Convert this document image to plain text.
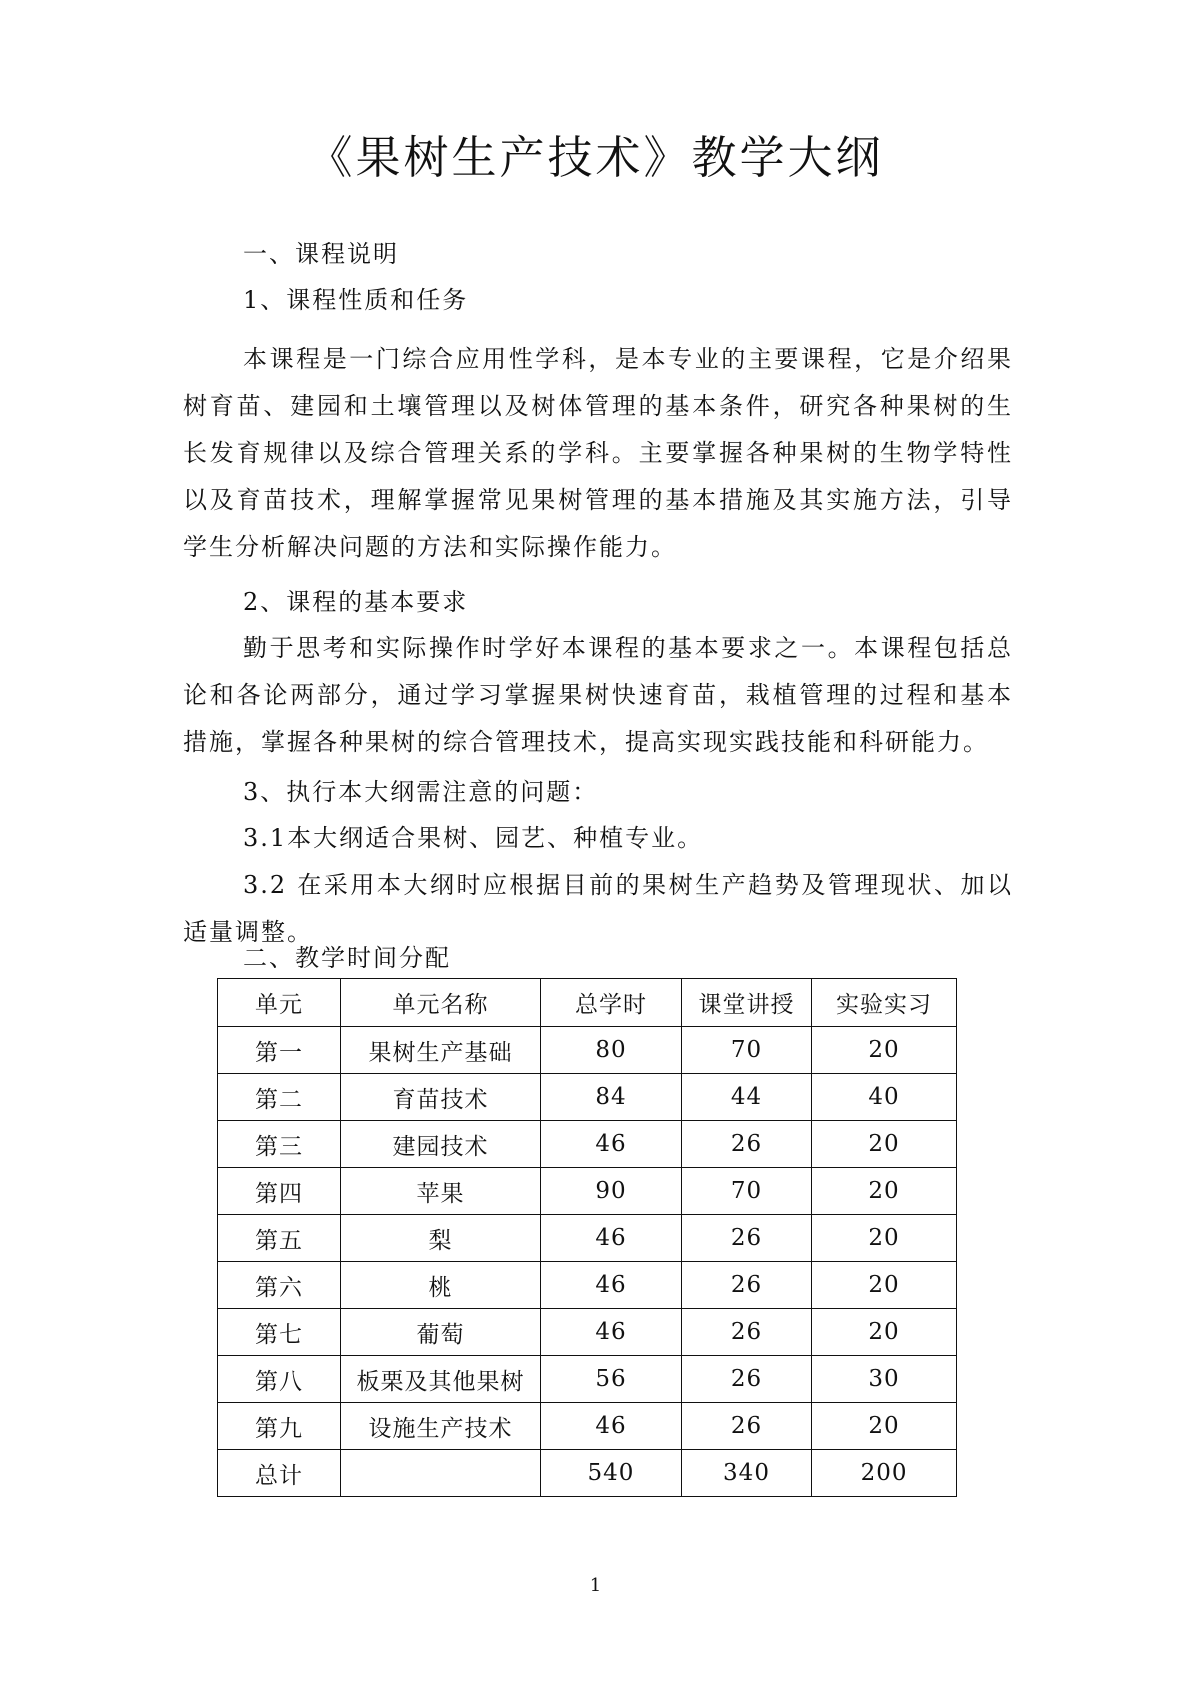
《果树生产技术》教学大纲
一、课程说明
1、课程性质和任务

本课程是一门综合应用性学科，是本专业的主要课程，它是介绍果树育苗、建园和土壤管理以及树体管理的基本条件，研究各种果树的生长发育规律以及综合管理关系的学科。主要掌握各种果树的生物学特性以及育苗技术，理解掌握常见果树管理的基本措施及其实施方法，引导学生分析解决问题的方法和实际操作能力。

2、课程的基本要求

勤于思考和实际操作时学好本课程的基本要求之一。本课程包括总论和各论两部分，通过学习掌握果树快速育苗，栽植管理的过程和基本措施，掌握各种果树的综合管理技术，提高实现实践技能和科研能力。

3、执行本大纲需注意的问题：
3.1本大纲适合果树、园艺、种植专业。

3.2 在采用本大纲时应根据目前的果树生产趋势及管理现状、加以适量调整。

二、教学时间分配
单元	单元名称	总学时	课堂讲授	实验实习
第一	果树生产基础	80	70	20
第二	育苗技术	84	44	40
第三	建园技术	46	26	20
第四	苹果	90	70	20
第五	梨	46	26	20
第六	桃	46	26	20
第七	葡萄	46	26	20
第八	板栗及其他果树	56	26	30
第九	设施生产技术	46	26	20
总计		540	340	200
1
